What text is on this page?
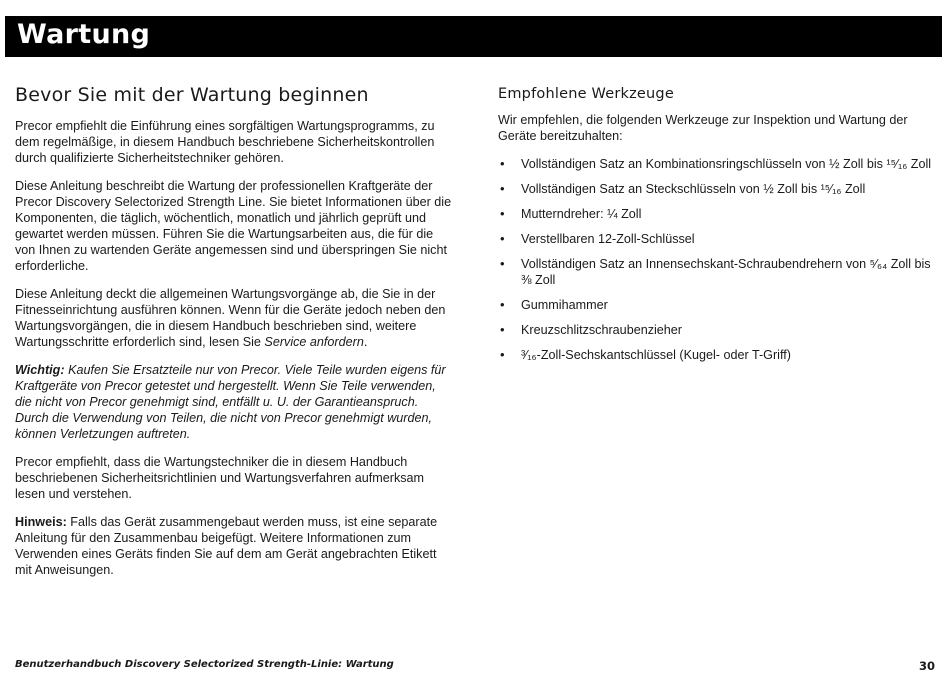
Wartung
Bevor Sie mit der Wartung beginnen

Precor empfiehlt die Einführung eines sorgfältigen Wartungsprogramms, zu dem regelmäßige, in diesem Handbuch beschriebene Sicherheitskontrollen durch qualifizierte Sicherheitstechniker gehören.

Diese Anleitung beschreibt die Wartung der professionellen Kraftgeräte der Precor Discovery Selectorized Strength Line. Sie bietet Informationen über die Komponenten, die täglich, wöchentlich, monatlich und jährlich geprüft und gewartet werden müssen. Führen Sie die Wartungsarbeiten aus, die für die von Ihnen zu wartenden Geräte angemessen sind und überspringen Sie nicht erforderliche.

Diese Anleitung deckt die allgemeinen Wartungsvorgänge ab, die Sie in der Fitnesseinrichtung ausführen können. Wenn für die Geräte jedoch neben den Wartungsvorgängen, die in diesem Handbuch beschrieben sind, weitere Wartungsschritte erforderlich sind, lesen Sie Service anfordern.

Wichtig: Kaufen Sie Ersatzteile nur von Precor. Viele Teile wurden eigens für Kraftgeräte von Precor getestet und hergestellt. Wenn Sie Teile verwenden, die nicht von Precor genehmigt sind, entfällt u. U. der Garantieanspruch. Durch die Verwendung von Teilen, die nicht von Precor genehmigt wurden, können Verletzungen auftreten.

Precor empfiehlt, dass die Wartungstechniker die in diesem Handbuch beschriebenen Sicherheitsrichtlinien und Wartungsverfahren aufmerksam lesen und verstehen.

Hinweis: Falls das Gerät zusammengebaut werden muss, ist eine separate Anleitung für den Zusammenbau beigefügt. Weitere Informationen zum Verwenden eines Geräts finden Sie auf dem am Gerät angebrachten Etikett mit Anweisungen.

Empfohlene Werkzeuge

Wir empfehlen, die folgenden Werkzeuge zur Inspektion und Wartung der Geräte bereitzuhalten:

• Vollständigen Satz an Kombinationsringschlüsseln von ½ Zoll bis ¹⁵⁄₁₆ Zoll
• Vollständigen Satz an Steckschlüsseln von ½ Zoll bis ¹⁵⁄₁₆ Zoll
• Mutterndreher: ¼ Zoll
• Verstellbaren 12-Zoll-Schlüssel
• Vollständigen Satz an Innensechskant-Schraubendrehern von ⁵⁄₆₄ Zoll bis ⅜ Zoll
• Gummihammer
• Kreuzschlitzschraubenzieher
• ³⁄₁₆-Zoll-Sechskantschlüssel (Kugel- oder T-Griff)
Benutzerhandbuch Discovery Selectorized Strength-Linie: Wartung	30
